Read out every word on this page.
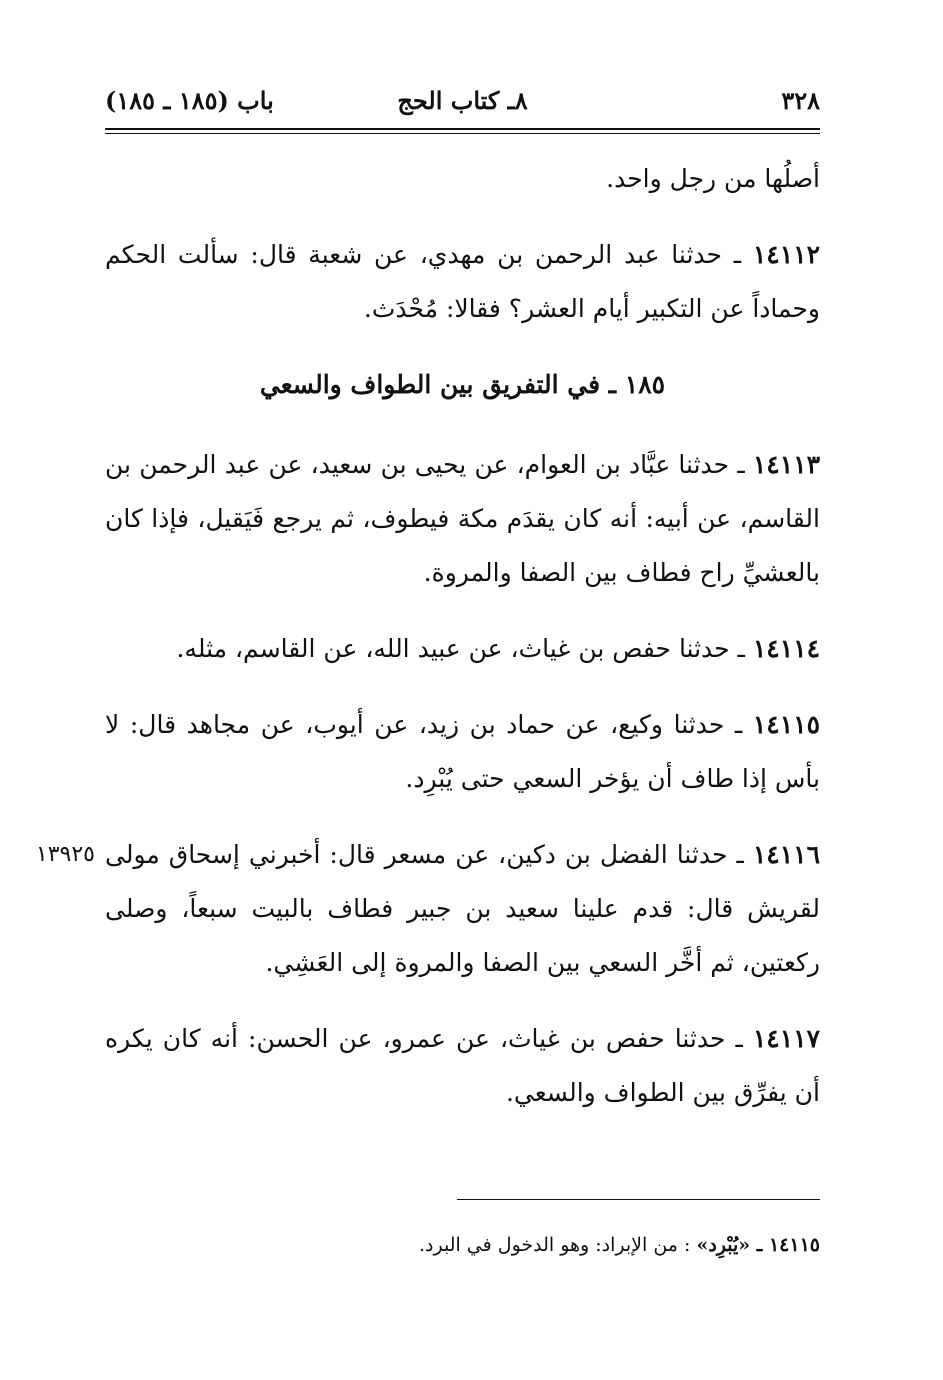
٣٢٨
٨ـ كتاب الحج
باب (١٨٥ ـ ١٨٥)

أصلُها من رجل واحد.

١٤١١٢ ـ حدثنا عبد الرحمن بن مهدي، عن شعبة قال: سألت الحكم وحماداً عن التكبير أيام العشر؟ فقالا: مُحْدَث.

١٨٥ ـ في التفريق بين الطواف والسعي

١٤١١٣ ـ حدثنا عبَّاد بن العوام، عن يحيى بن سعيد، عن عبد الرحمن بن القاسم، عن أبيه: أنه كان يقدَم مكة فيطوف، ثم يرجع فَيَقيل، فإذا كان بالعشيِّ راح فطاف بين الصفا والمروة.

١٤١١٤ ـ حدثنا حفص بن غياث، عن عبيد الله، عن القاسم، مثله.

١٤١١٥ ـ حدثنا وكيع، عن حماد بن زيد، عن أيوب، عن مجاهد قال: لا بأس إذا طاف أن يؤخر السعي حتى يُبْرِد.

١٣٩٢٥	١٤١١٦ ـ حدثنا الفضل بن دكين، عن مسعر قال: أخبرني إسحاق مولى لقريش قال: قدم علينا سعيد بن جبير فطاف بالبيت سبعاً، وصلى ركعتين، ثم أخَّر السعي بين الصفا والمروة إلى العَشِي.

١٤١١٧ ـ حدثنا حفص بن غياث، عن عمرو، عن الحسن: أنه كان يكره أن يفرِّق بين الطواف والسعي.

١٤١١٥ ـ «يُبْرِد» : من الإبراد: وهو الدخول في البرد.
